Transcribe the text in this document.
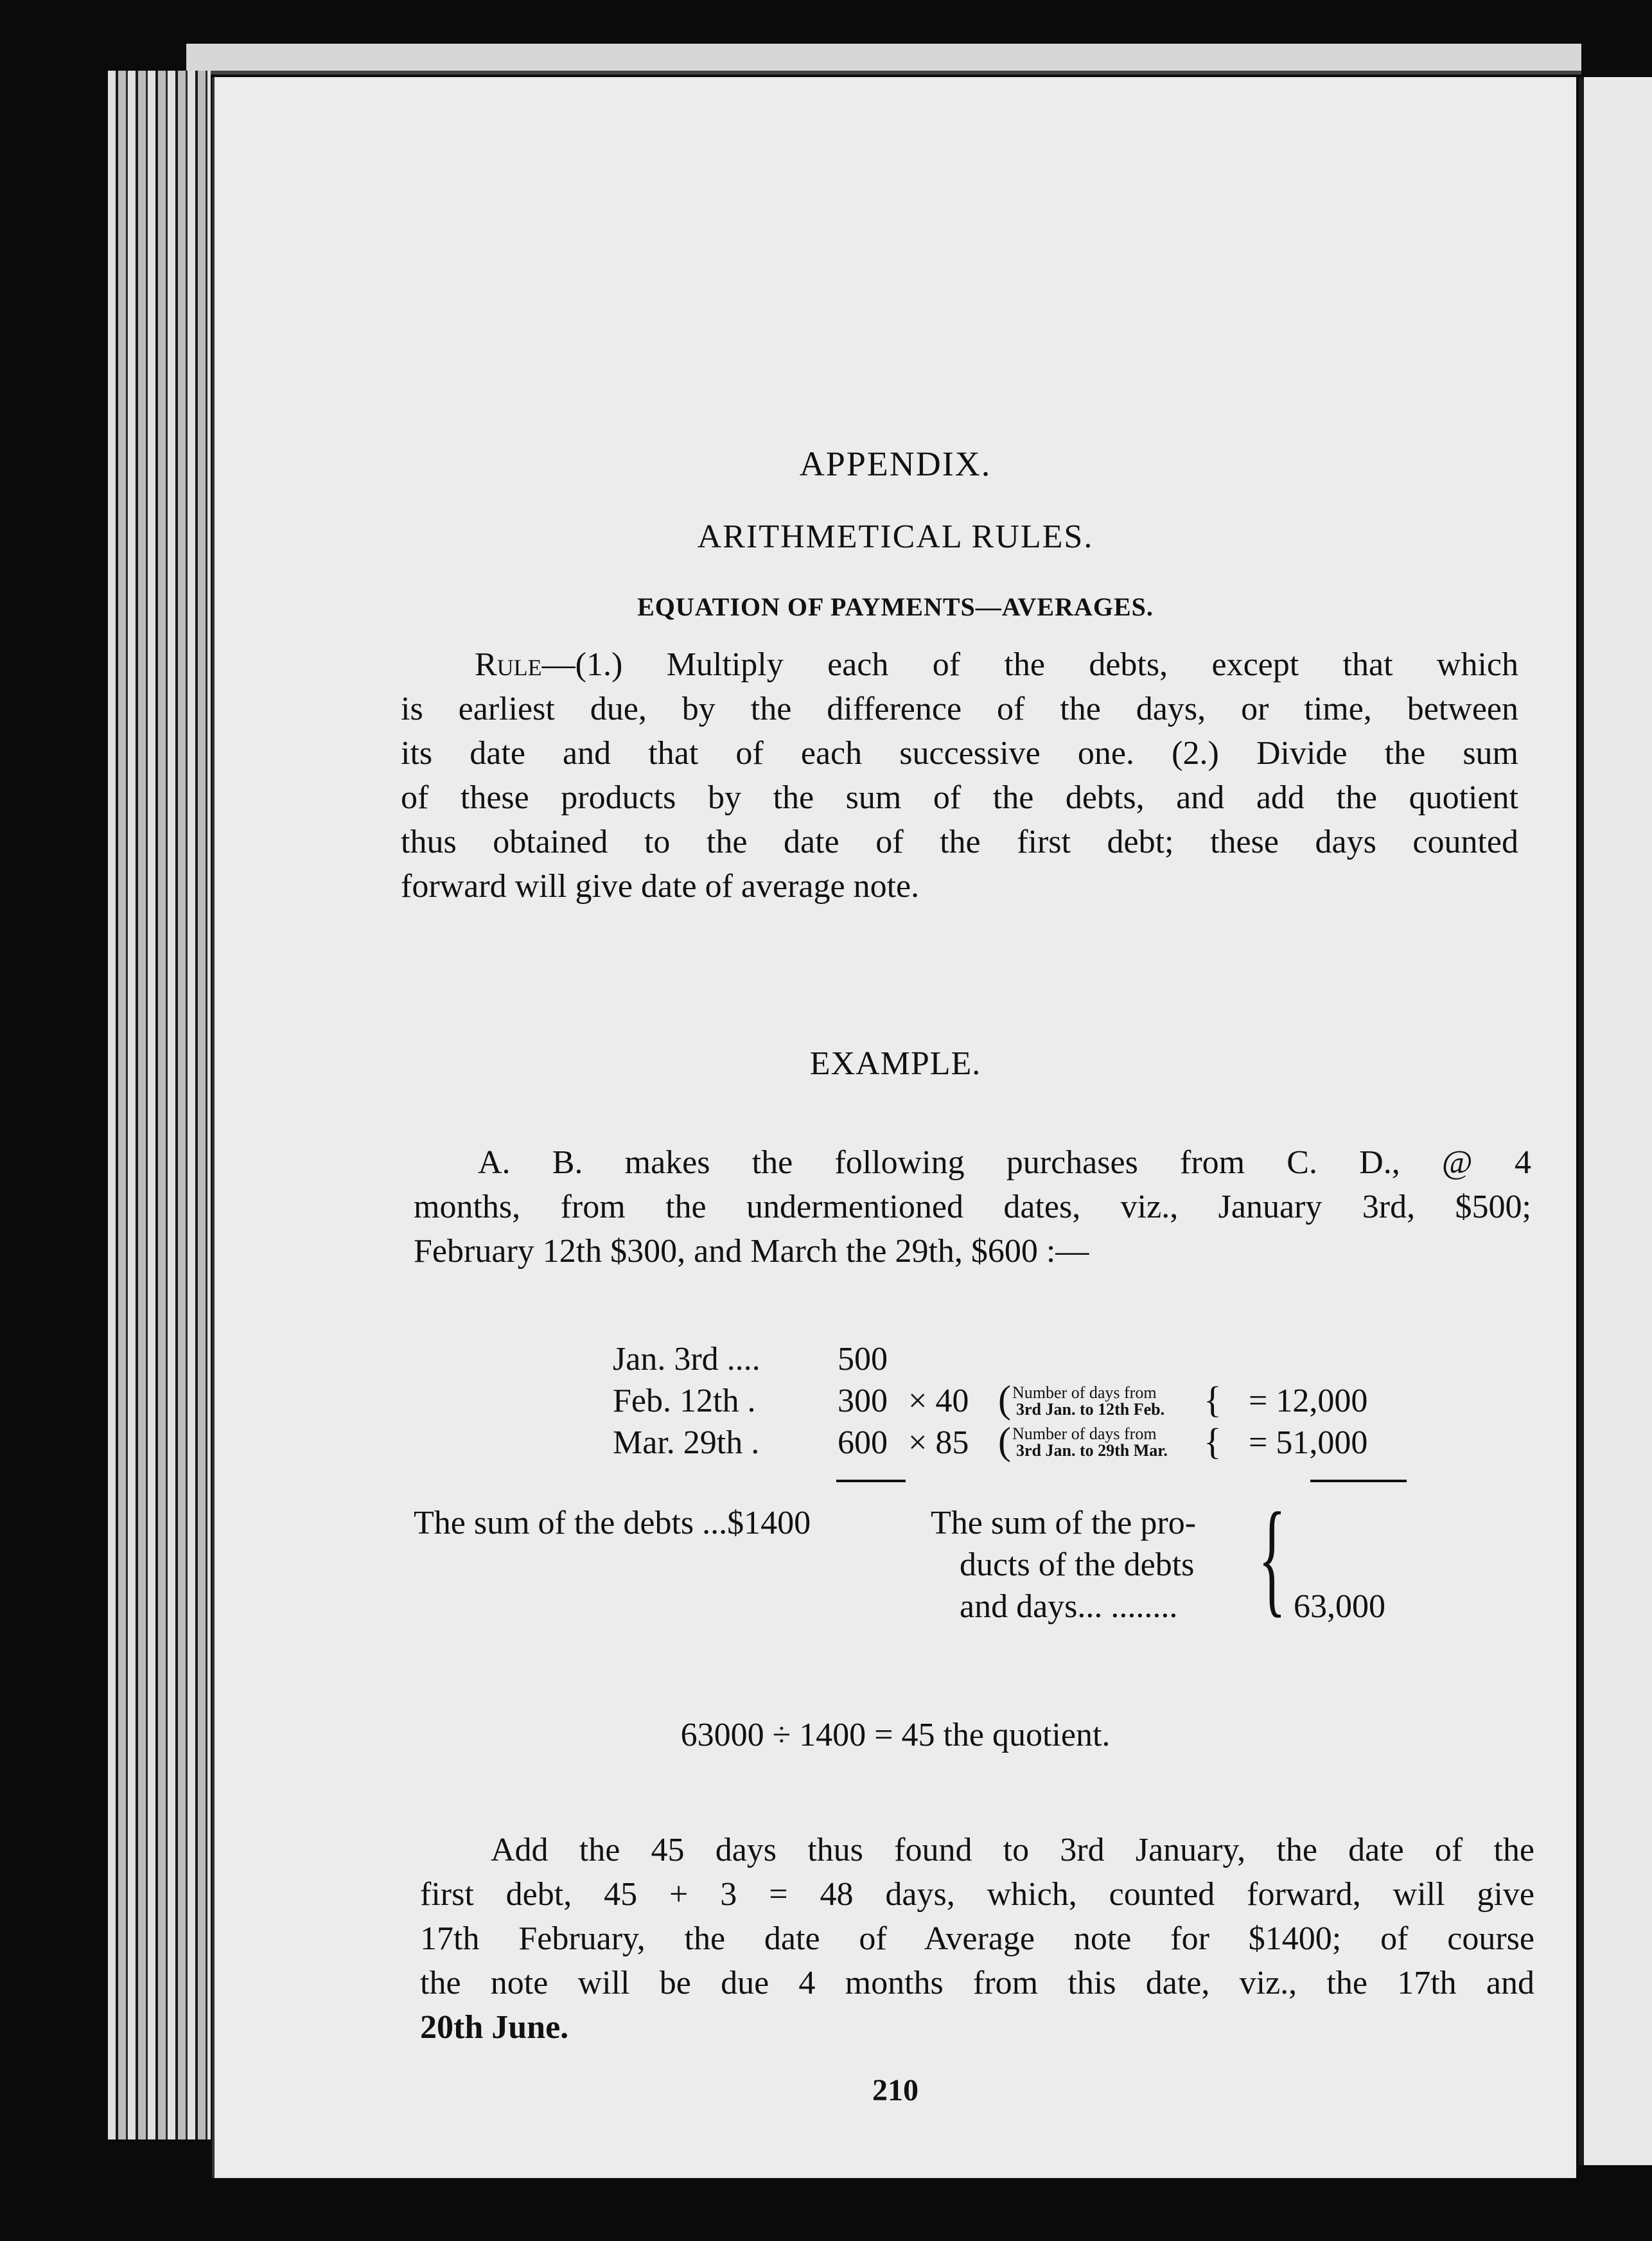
APPENDIX.
ARITHMETICAL RULES.
EQUATION OF PAYMENTS—AVERAGES.
Rule—(1.) Multiply each of the debts, except that which
is earliest due, by the difference of the days, or time, between
its date and that of each successive one. (2.) Divide the sum
of these products by the sum of the debts, and add the quotient
thus obtained to the date of the first debt; these days counted
forward will give date of average note.
EXAMPLE.
A. B. makes the following purchases from C. D., @ 4
months, from the undermentioned dates, viz., January 3rd, $500;
February 12th $300, and March the 29th, $600 :—
Jan. 3rd .... 500
Feb. 12th . 300 × 40 ( Number of days from
3rd Jan. to 12th Feb. { = 12,000
Mar. 29th . 600 × 85 ( Number of days from
3rd Jan. to 29th Mar. { = 51,000
The sum of the debts ...$1400	The sum of the pro-
ducts of the debts
and days... ........ { 63,000
63000 ÷ 1400 = 45 the quotient.
Add the 45 days thus found to 3rd January, the date of the
first debt, 45 + 3 = 48 days, which, counted forward, will give
17th February, the date of Average note for $1400; of course
the note will be due 4 months from this date, viz., the 17th and
20th June.
210
